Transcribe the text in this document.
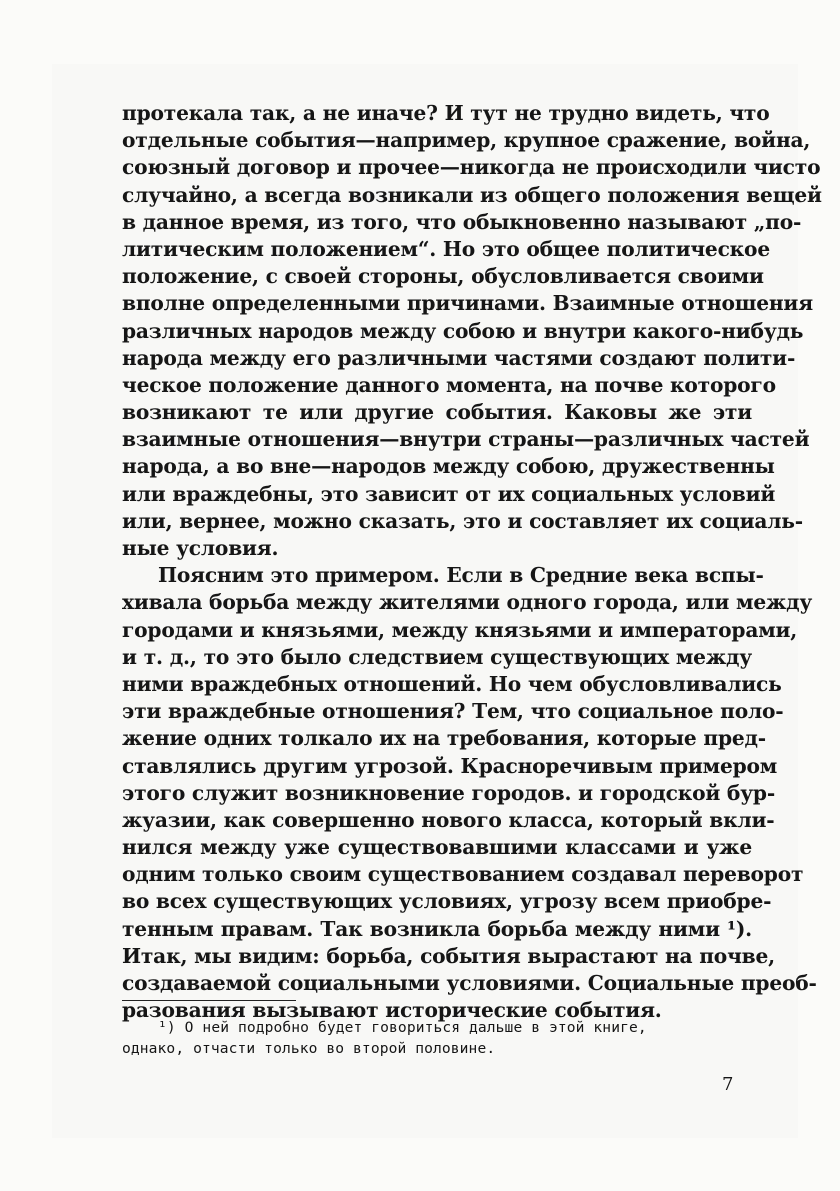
протекала так, а не иначе? И тут не трудно видеть, что
отдельные события—например, крупное сражение, война,
союзный договор и прочее—никогда не происходили чисто
случайно, а всегда возникали из общего положения вещей
в данное время, из того, что обыкновенно называют „по-
литическим положением“. Но это общее политическое
положение, с своей стороны, обусловливается своими
вполне определенными причинами. Взаимные отношения
различных народов между собою и внутри какого-нибудь
народа между его различными частями создают полити-
ческое положение данного момента, на почве которого
возникают те или другие события. Каковы же эти
взаимные отношения—внутри страны—различных частей
народа, а во вне—народов между собою, дружественны
или враждебны, это зависит от их социальных условий
или, вернее, можно сказать, это и составляет их социаль-
ные условия.
Поясним это примером. Если в Средние века вспы-
хивала борьба между жителями одного города, или между
городами и князьями, между князьями и императорами,
и т. д., то это было следствием существующих между
ними враждебных отношений. Но чем обусловливались
эти враждебные отношения? Тем, что социальное поло-
жение одних толкало их на требования, которые пред-
ставлялись другим угрозой. Красноречивым примером
этого служит возникновение городов. и городской бур-
жуазии, как совершенно нового класса, который вкли-
нился между уже существовавшими классами и уже
одним только своим существованием создавал переворот
во всех существующих условиях, угрозу всем приобре-
тенным правам. Так возникла борьба между ними ¹).
Итак, мы видим: борьба, события вырастают на почве,
создаваемой социальными условиями. Социальные преоб-
разования вызывают исторические события.
¹) О ней подробно будет говориться дальше в этой книге,
однако, отчасти только во второй половине.
7
